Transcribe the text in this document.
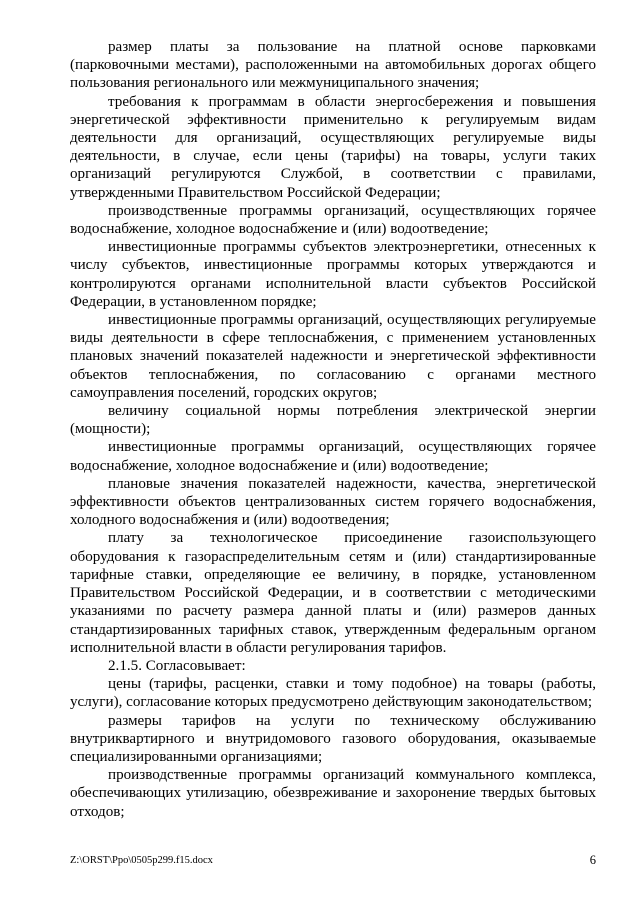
размер платы за пользование на платной основе парковками (парковочными местами), расположенными на автомобильных дорогах общего пользования регионального или межмуниципального значения;

требования к программам в области энергосбережения и повышения энергетической эффективности применительно к регулируемым видам деятельности для организаций, осуществляющих регулируемые виды деятельности, в случае, если цены (тарифы) на товары, услуги таких организаций регулируются Службой, в соответствии с правилами, утвержденными Правительством Российской Федерации;

производственные программы организаций, осуществляющих горячее водоснабжение, холодное водоснабжение и (или) водоотведение;

инвестиционные программы субъектов электроэнергетики, отнесенных к числу субъектов, инвестиционные программы которых утверждаются и контролируются органами исполнительной власти субъектов Российской Федерации, в установленном порядке;

инвестиционные программы организаций, осуществляющих регулируемые виды деятельности в сфере теплоснабжения, с применением установленных плановых значений показателей надежности и энергетической эффективности объектов теплоснабжения, по согласованию с органами местного самоуправления поселений, городских округов;

величину социальной нормы потребления электрической энергии (мощности);

инвестиционные программы организаций, осуществляющих горячее водоснабжение, холодное водоснабжение и (или) водоотведение;

плановые значения показателей надежности, качества, энергетической эффективности объектов централизованных систем горячего водоснабжения, холодного водоснабжения и (или) водоотведения;

плату за технологическое присоединение газоиспользующего оборудования к газораспределительным сетям и (или) стандартизированные тарифные ставки, определяющие ее величину, в порядке, установленном Правительством Российской Федерации, и в соответствии с методическими указаниями по расчету размера данной платы и (или) размеров данных стандартизированных тарифных ставок, утвержденным федеральным органом исполнительной власти в области регулирования тарифов.

2.1.5. Согласовывает:

цены (тарифы, расценки, ставки и тому подобное) на товары (работы, услуги), согласование которых предусмотрено действующим законодательством;

размеры тарифов на услуги по техническому обслуживанию внутриквартирного и внутридомового газового оборудования, оказываемые специализированными организациями;

производственные программы организаций коммунального комплекса, обеспечивающих утилизацию, обезвреживание и захоронение твердых бытовых отходов;

Z:\ORST\Ppo\0505p299.f15.docx	6
